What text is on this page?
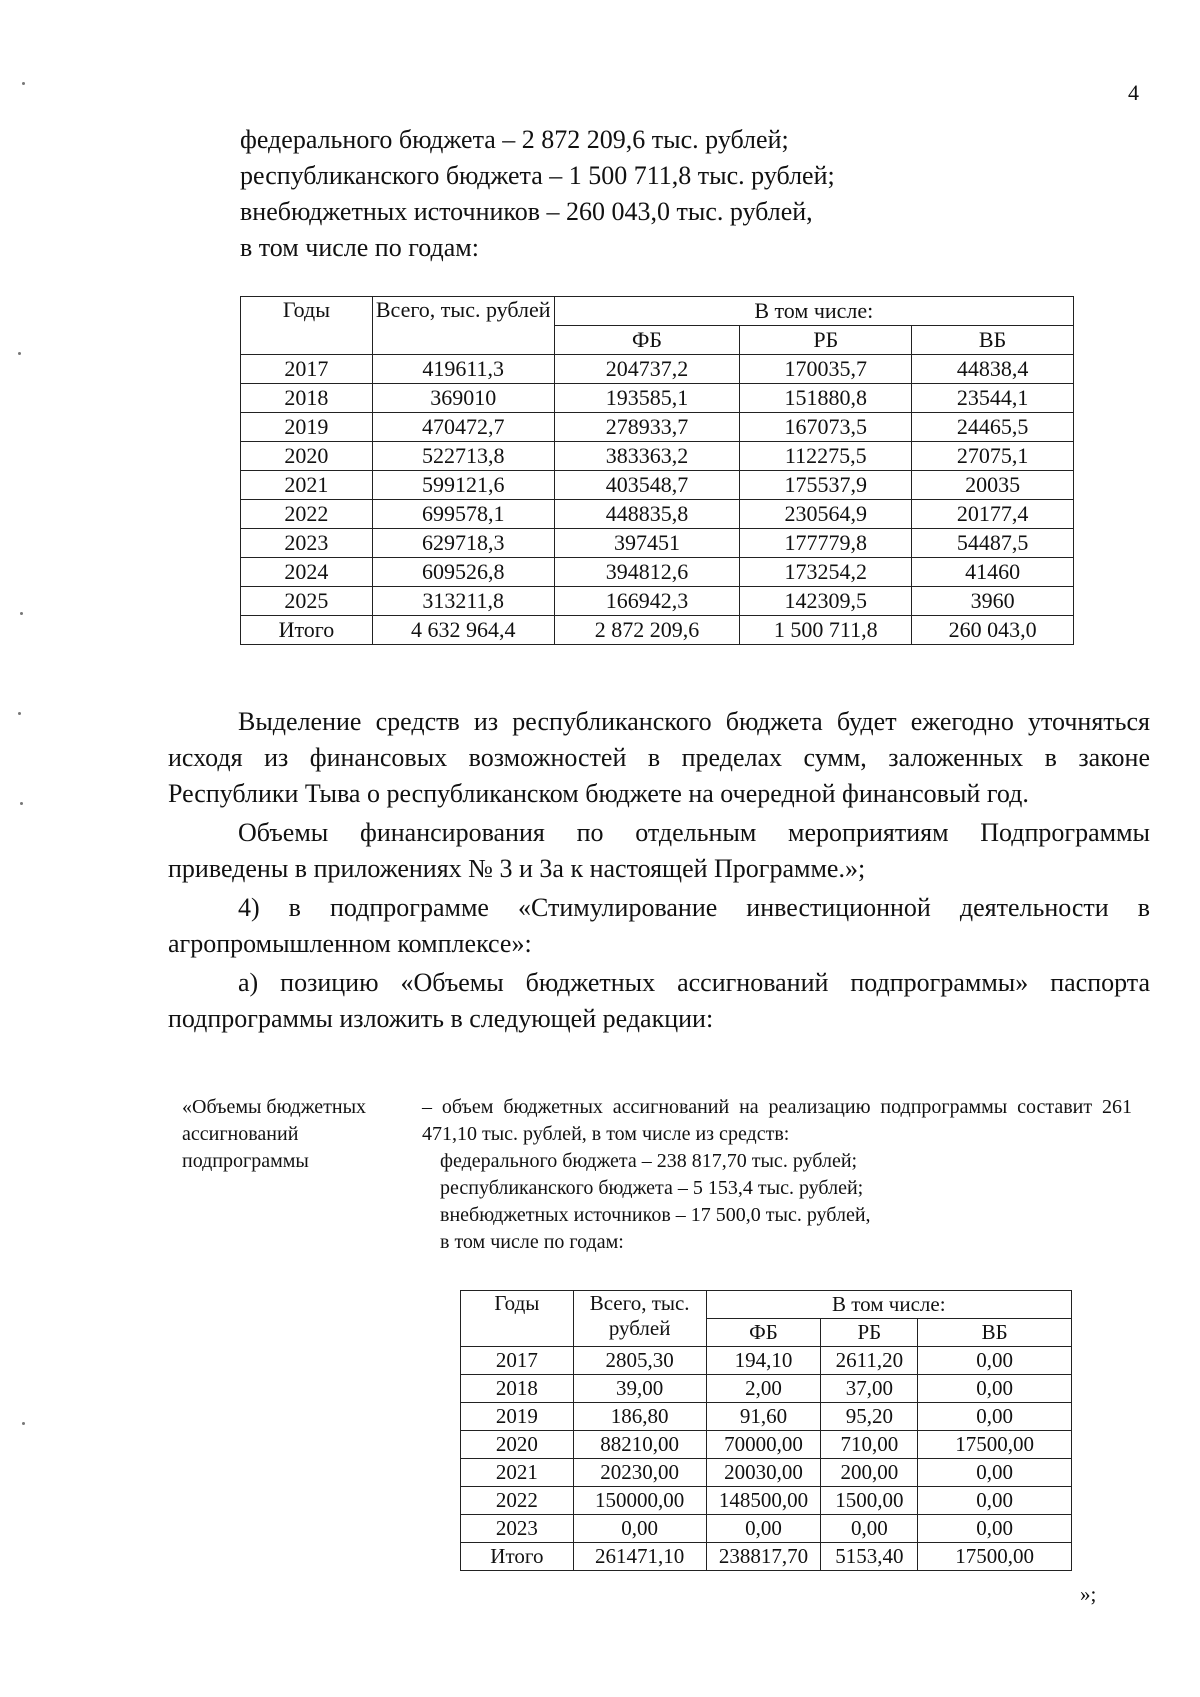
4
федерального бюджета – 2 872 209,6 тыс. рублей;
республиканского бюджета – 1 500 711,8 тыс. рублей;
внебюджетных источников – 260 043,0 тыс. рублей,
в том числе по годам:
Годы	Всего, тыс. рублей	В том числе:		
		ФБ	РБ	ВБ
2017	419611,3	204737,2	170035,7	44838,4
2018	369010	193585,1	151880,8	23544,1
2019	470472,7	278933,7	167073,5	24465,5
2020	522713,8	383363,2	112275,5	27075,1
2021	599121,6	403548,7	175537,9	20035
2022	699578,1	448835,8	230564,9	20177,4
2023	629718,3	397451	177779,8	54487,5
2024	609526,8	394812,6	173254,2	41460
2025	313211,8	166942,3	142309,5	3960
Итого	4 632 964,4	2 872 209,6	1 500 711,8	260 043,0

Выделение средств из республиканского бюджета будет ежегодно уточняться исходя из финансовых возможностей в пределах сумм, заложенных в законе Республики Тыва о республиканском бюджете на очередной финансовый год.

Объемы финансирования по отдельным мероприятиям Подпрограммы приведены в приложениях № 3 и 3а к настоящей Программе.»;

4) в подпрограмме «Стимулирование инвестиционной деятельности в агропромышленном комплексе»:

а) позицию «Объемы бюджетных ассигнований подпрограммы» паспорта подпрограммы изложить в следующей редакции:

«Объемы бюджетных ассигнований подпрограммы

– объем бюджетных ассигнований на реализацию подпрограммы составит 261 471,10 тыс. рублей, в том числе из средств:

федерального бюджета – 238 817,70 тыс. рублей;

республиканского бюджета – 5 153,4 тыс. рублей;

внебюджетных источников – 17 500,0 тыс. рублей,

в том числе по годам:

Годы	Всего, тыс. рублей	В том числе:		
		ФБ	РБ	ВБ
2017	2805,30	194,10	2611,20	0,00
2018	39,00	2,00	37,00	0,00
2019	186,80	91,60	95,20	0,00
2020	88210,00	70000,00	710,00	17500,00
2021	20230,00	20030,00	200,00	0,00
2022	150000,00	148500,00	1500,00	0,00
2023	0,00	0,00	0,00	0,00
Итого	261471,10	238817,70	5153,40	17500,00
»;
